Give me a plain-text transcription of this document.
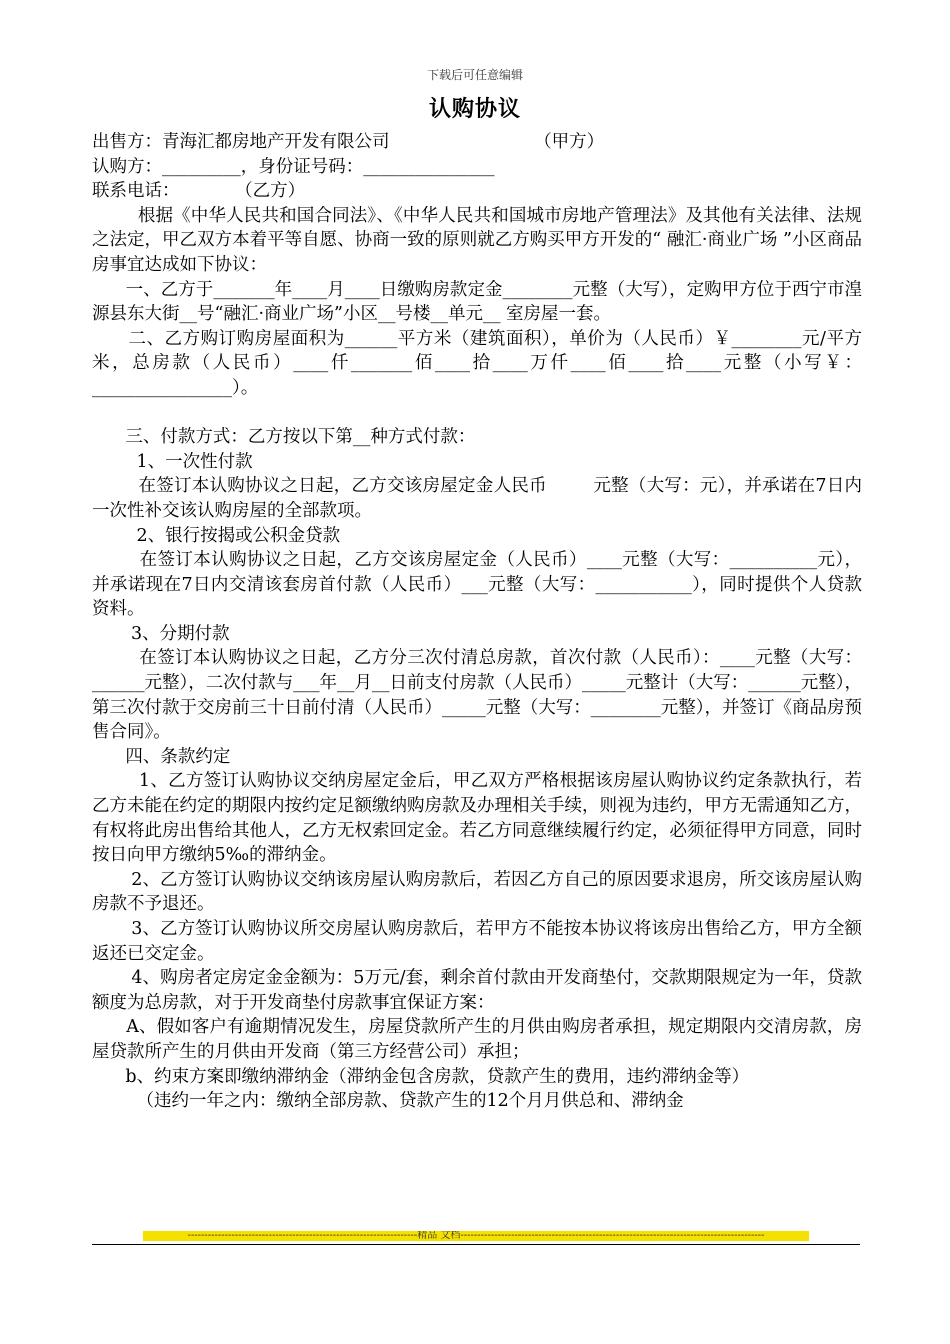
下载后可任意编辑
认购协议

出售方：青海汇都房地产开发有限公司                          （甲方）

认购方：_________，身份证号码：_______________

联系电话：          （乙方）

根据《中华人民共和国合同法》、《中华人民共和国城市房地产管理法》及其他有关法律、法规之法定，甲乙双方本着平等自愿、协商一致的原则就乙方购买甲方开发的“ 融汇·商业广场 ”小区商品房事宜达成如下协议：

一、乙方于_______年____月____日缴购房款定金________元整（大写），定购甲方位于西宁市湟源县东大街__号“融汇·商业广场”小区__号楼__单元__ 室房屋一套。

二、乙方购订购房屋面积为______平方米（建筑面积），单价为（人民币）￥________元/平方米，总房款（人民币）____仟_______佰____拾____万仟____佰____拾____元整（小写￥：________________）。

三、付款方式：乙方按以下第__种方式付款：

1、一次性付款

在签订本认购协议之日起，乙方交该房屋定金人民币        元整（大写：元），并承诺在7日内一次性补交该认购房屋的全部款项。

2、银行按揭或公积金贷款

在签订本认购协议之日起，乙方交该房屋定金（人民币）____元整（大写：__________元），并承诺现在7日内交清该套房首付款（人民币）___元整（大写：___________），同时提供个人贷款资料。

3、分期付款

在签订本认购协议之日起，乙方分三次付清总房款，首次付款（人民币）：____元整（大写：______元整），二次付款与___年__月__日前支付房款（人民币）_____元整计（大写：______元整），第三次付款于交房前三十日前付清（人民币）_____元整（大写：________元整），并签订《商品房预售合同》。

四、条款约定

1、乙方签订认购协议交纳房屋定金后，甲乙双方严格根据该房屋认购协议约定条款执行，若乙方未能在约定的期限内按约定足额缴纳购房款及办理相关手续，则视为违约，甲方无需通知乙方，有权将此房出售给其他人，乙方无权索回定金。若乙方同意继续履行约定，必须征得甲方同意，同时按日向甲方缴纳5‰的滞纳金。

2、乙方签订认购协议交纳该房屋认购房款后，若因乙方自己的原因要求退房，所交该房屋认购房款不予退还。

3、乙方签订认购协议所交房屋认购房款后，若甲方不能按本协议将该房出售给乙方，甲方全额返还已交定金。

4、购房者定房定金金额为：5万元/套，剩余首付款由开发商垫付，交款期限规定为一年，贷款额度为总房款，对于开发商垫付房款事宜保证方案：

A、假如客户有逾期情况发生，房屋贷款所产生的月供由购房者承担，规定期限内交清房款，房屋贷款所产生的月供由开发商（第三方经营公司）承担；

b、约束方案即缴纳滞纳金（滞纳金包含房款，贷款产生的费用，违约滞纳金等）

（违约一年之内：缴纳全部房款、贷款产生的12个月月供总和、滞纳金

--------------------------------------------------------------------精品 文档------------------------------------------------------------------------------------------
